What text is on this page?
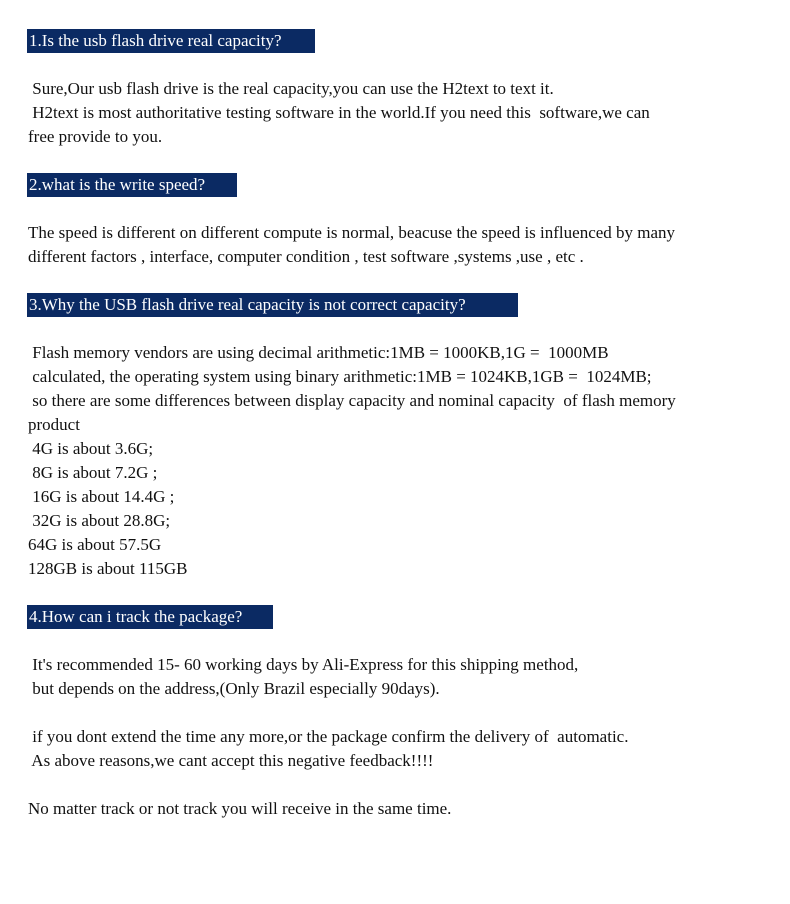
1.Is the usb flash drive real capacity?
Sure,Our usb flash drive is the real capacity,you can use the H2text to text it.
H2text is most authoritative testing software in the world.If you need this  software,we can
free provide to you.
2.what is the write speed?
The speed is different on different compute is normal, beacuse the speed is influenced by many
different factors , interface, computer condition , test software ,systems ,use , etc .
3.Why the USB flash drive real capacity is not correct capacity?
Flash memory vendors are using decimal arithmetic:1MB = 1000KB,1G =  1000MB
calculated, the operating system using binary arithmetic:1MB = 1024KB,1GB =  1024MB;
so there are some differences between display capacity and nominal capacity  of flash memory
product
4G is about 3.6G;
8G is about 7.2G ;
16G is about 14.4G ;
32G is about 28.8G;
64G is about 57.5G
128GB is about 115GB
4.How can i track the package?
It's recommended 15- 60 working days by Ali-Express for this shipping method,
but depends on the address,(Only Brazil especially 90days).
if you dont extend the time any more,or the package confirm the delivery of  automatic.
As above reasons,we cant accept this negative feedback!!!!
No matter track or not track you will receive in the same time.
